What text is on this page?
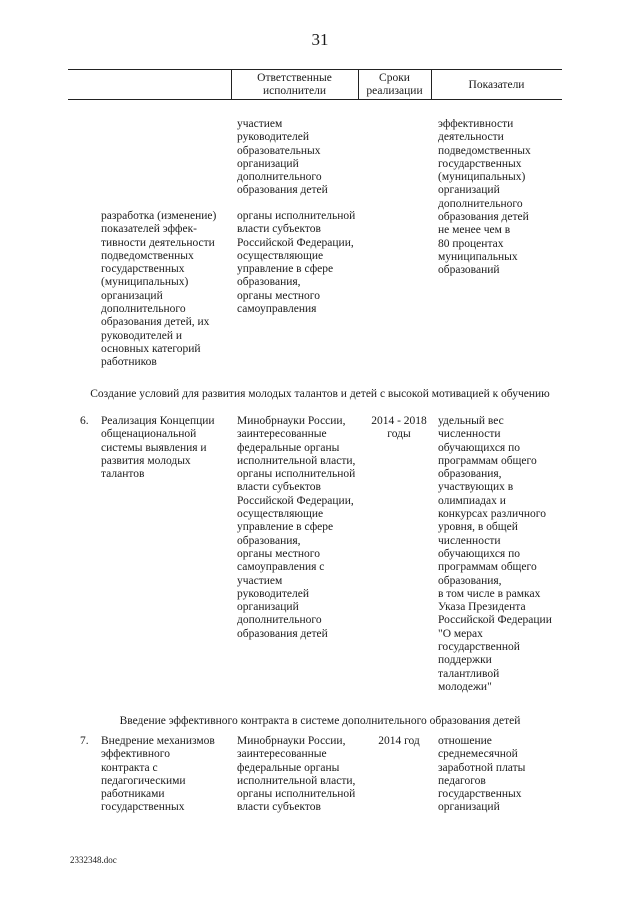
31
Ответственные
исполнители
Сроки
реализации	Показатели
участием
руководителей
образовательных
организаций
дополнительного
образования детей
эффективности
деятельности
подведомственных
государственных
(муниципальных)
организаций
дополнительного
образования детей
не менее чем в
80 процентах
муниципальных
образований
разработка (изменение)
показателей эффек-
тивности деятельности
подведомственных
государственных
(муниципальных)
организаций
дополнительного
образования детей, их
руководителей и
основных категорий
работников
органы исполнительной
власти субъектов
Российской Федерации,
осуществляющие
управление в сфере
образования,
органы местного
самоуправления
Создание условий для развития молодых талантов и детей с высокой мотивацией к обучению
6. Реализация Концепции
общенациональной
системы выявления и
развития молодых
талантов
Минобрнауки России,
заинтересованные
федеральные органы
исполнительной власти,
органы исполнительной
власти субъектов
Российской Федерации,
осуществляющие
управление в сфере
образования,
органы местного
самоуправления с
участием
руководителей
организаций
дополнительного
образования детей
2014 - 2018
годы
удельный вес
численности
обучающихся по
программам общего
образования,
участвующих в
олимпиадах и
конкурсах различного
уровня, в общей
численности
обучающихся по
программам общего
образования,
в том числе в рамках
Указа Президента
Российской Федерации
"О мерах
государственной
поддержки
талантливой
молодежи"
Введение эффективного контракта в системе дополнительного образования детей
7. Внедрение механизмов
эффективного
контракта с
педагогическими
работниками
государственных
Минобрнауки России,
заинтересованные
федеральные органы
исполнительной власти,
органы исполнительной
власти субъектов
2014 год	отношение
среднемесячной
заработной платы
педагогов
государственных
организаций
2332348.doc
